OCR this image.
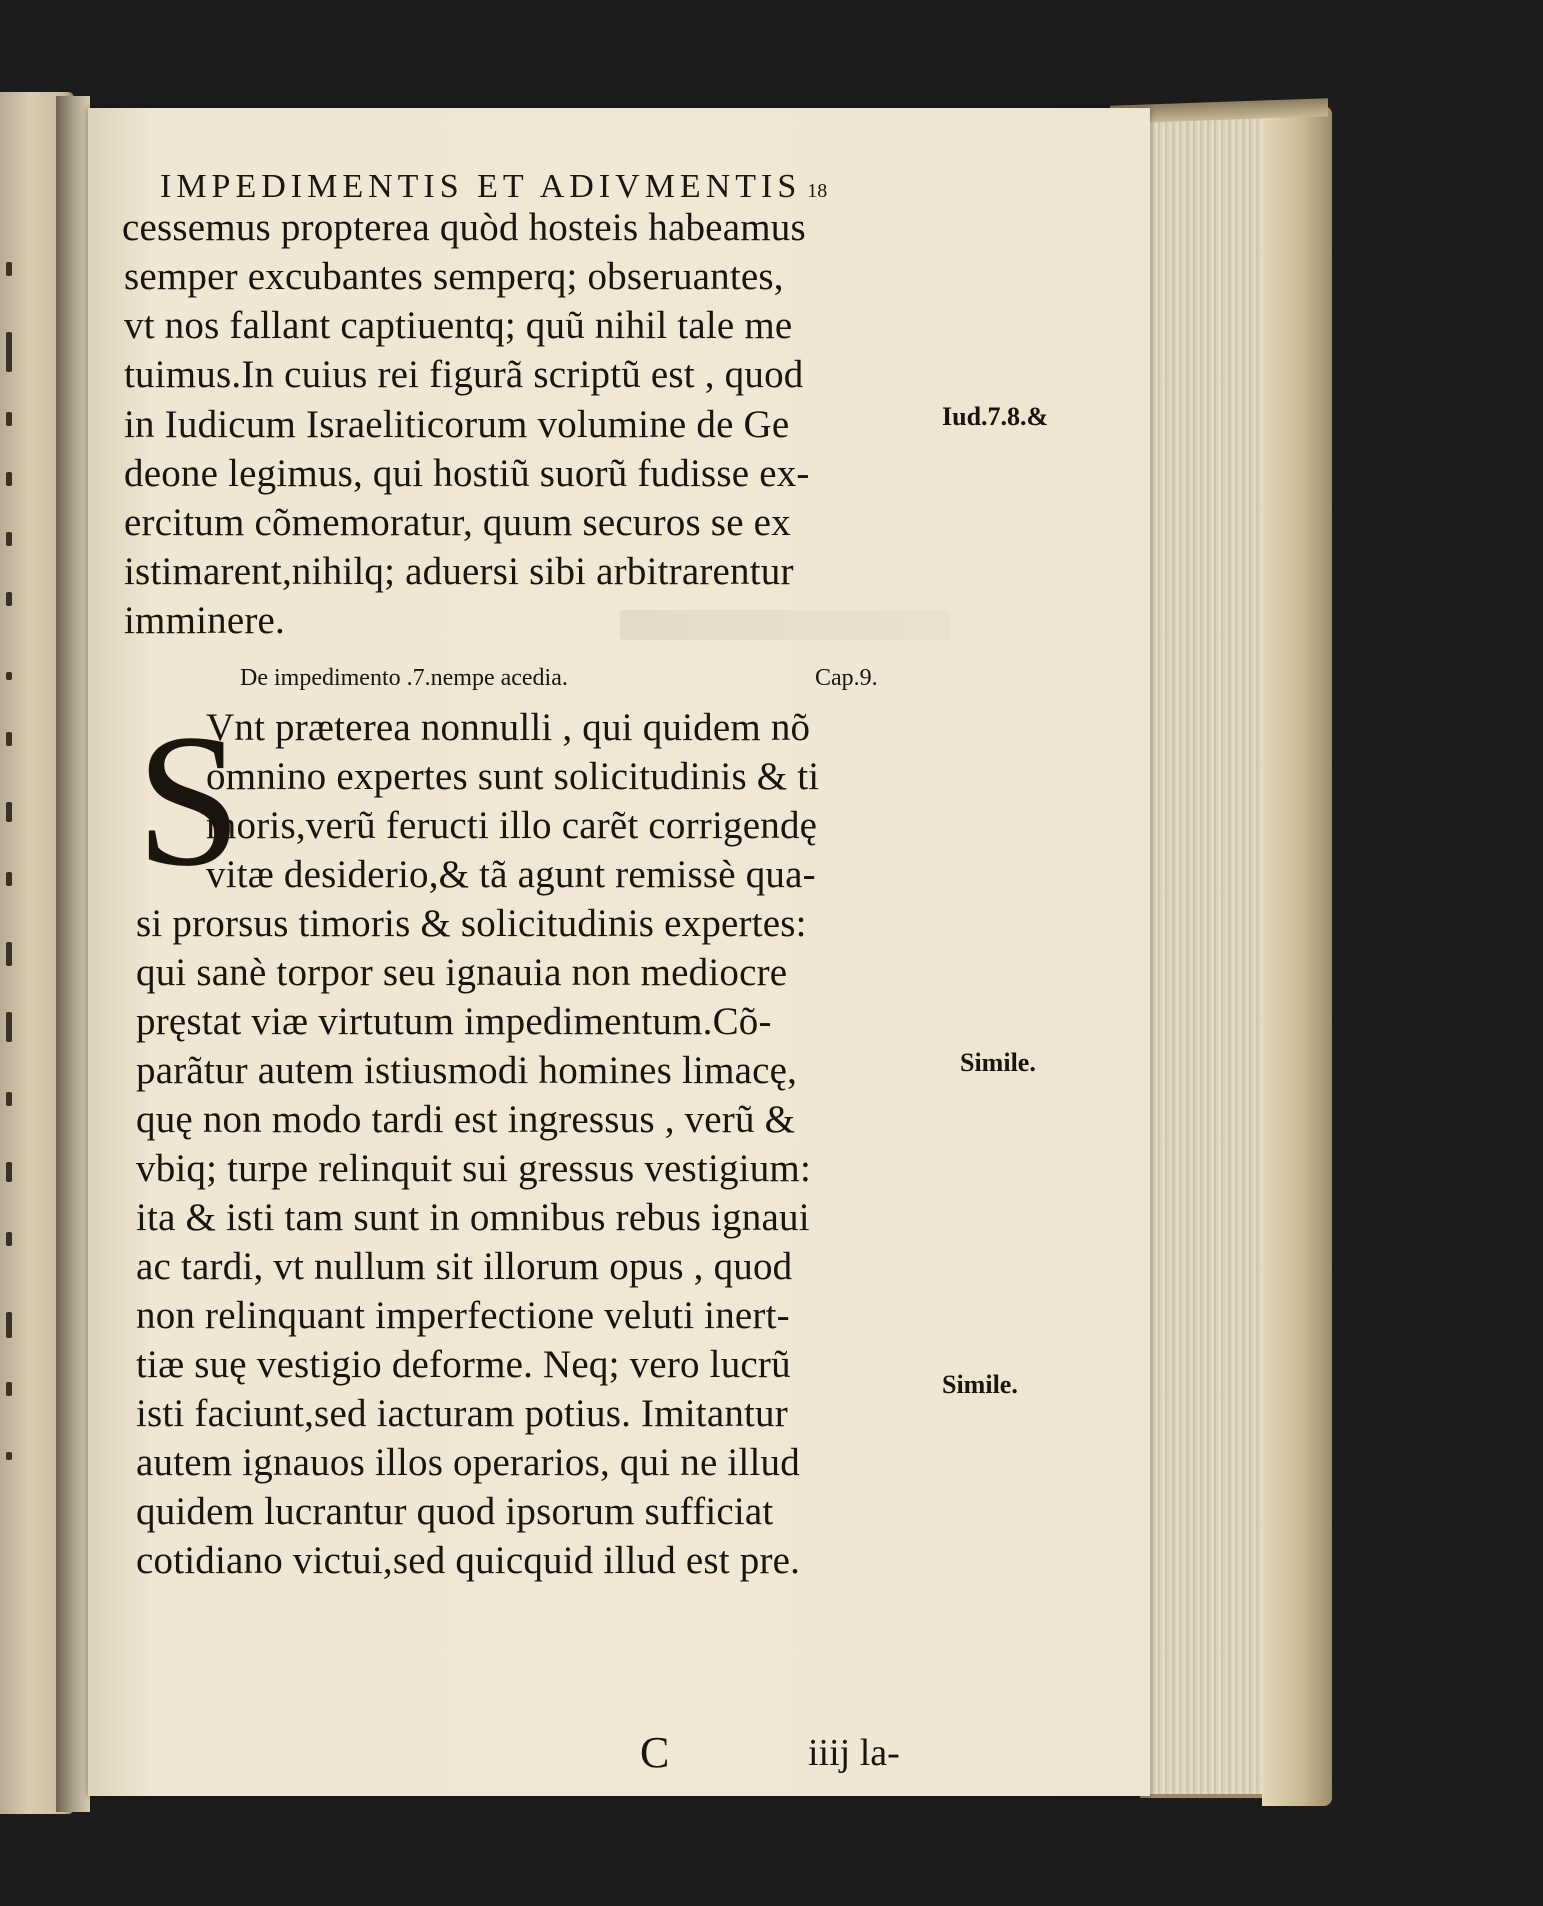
IMPEDIMENTIS ET ADIVMENTIS 18
cessemus propterea quòd hosteis habeamus
semper excubantes semperq; obseruantes,
vt nos fallant captiuentq; quũ nihil tale me
tuimus.In cuius rei figurã scriptũ est , quod
in Iudicum Israeliticorum volumine de Ge
deone legimus, qui hostiũ suorũ fudisse ex-
ercitum cõmemoratur, quum securos se ex
istimarent,nihilq; aduersi sibi arbitrarentur
imminere.
De impedimento .7.nempe acedia.	Cap.9.
S
Vnt præterea nonnulli , qui quidem nõ
omnino expertes sunt solicitudinis & ti
moris,verũ feructi illo carẽt corrigendę
vitæ desiderio,& tã agunt remissè qua-
si prorsus timoris & solicitudinis expertes:
qui sanè torpor seu ignauia non mediocre
pręstat viæ virtutum impedimentum.Cõ-
parãtur autem istiusmodi homines limacę,
quę non modo tardi est ingressus , verũ &
vbiq; turpe relinquit sui gressus vestigium:
ita & isti tam sunt in omnibus rebus ignaui
ac tardi, vt nullum sit illorum opus , quod
non relinquant imperfectione veluti inert-
tiæ suę vestigio deforme. Neq; vero lucrũ
isti faciunt,sed iacturam potius. Imitantur
autem ignauos illos operarios, qui ne illud
quidem lucrantur quod ipsorum sufficiat
cotidiano victui,sed quicquid illud est pre.
Iud.7.8.&
Simile.
Simile.
C	iiij la-
